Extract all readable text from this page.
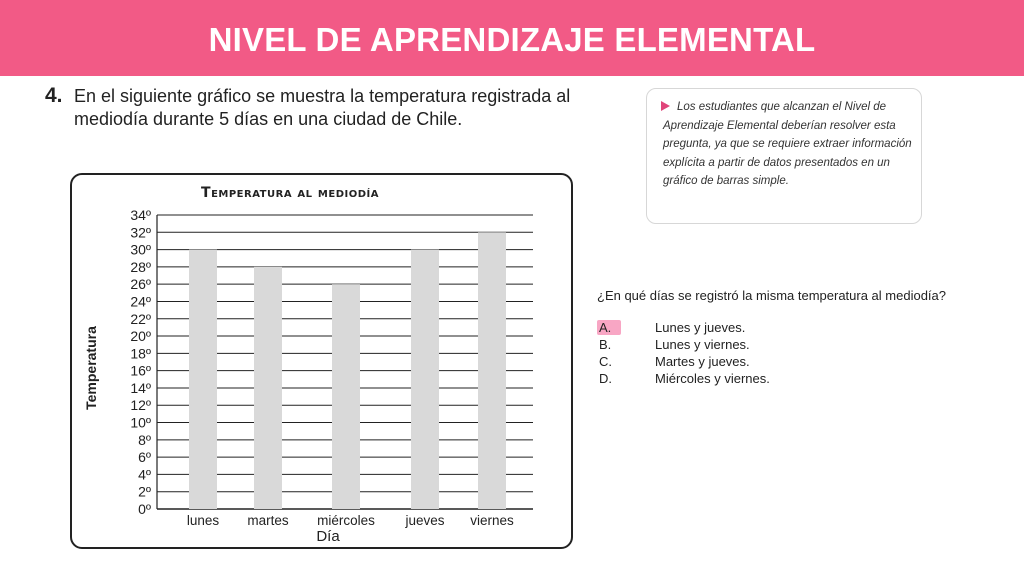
NIVEL DE APRENDIZAJE ELEMENTAL
4. En el siguiente gráfico se muestra la temperatura registrada al mediodía durante 5 días en una ciudad de Chile.
Temperatura al mediodía
0º
2º
4º
6º
8º
10º
12º
14º
16º
18º
20º
22º
24º
26º
28º
30º
32º
34º
lunes martes miércoles jueves viernes
Día
Temperatura
Los estudiantes que alcanzan el Nivel de Aprendizaje Elemental deberían resolver esta pregunta, ya que se requiere extraer información explícita a partir de datos presentados en un gráfico de barras simple.
¿En qué días se registró la misma temperatura al mediodía?
A.	Lunes y jueves.
B.	Lunes y viernes.
C.	Martes y jueves.
D.	Miércoles y viernes.
